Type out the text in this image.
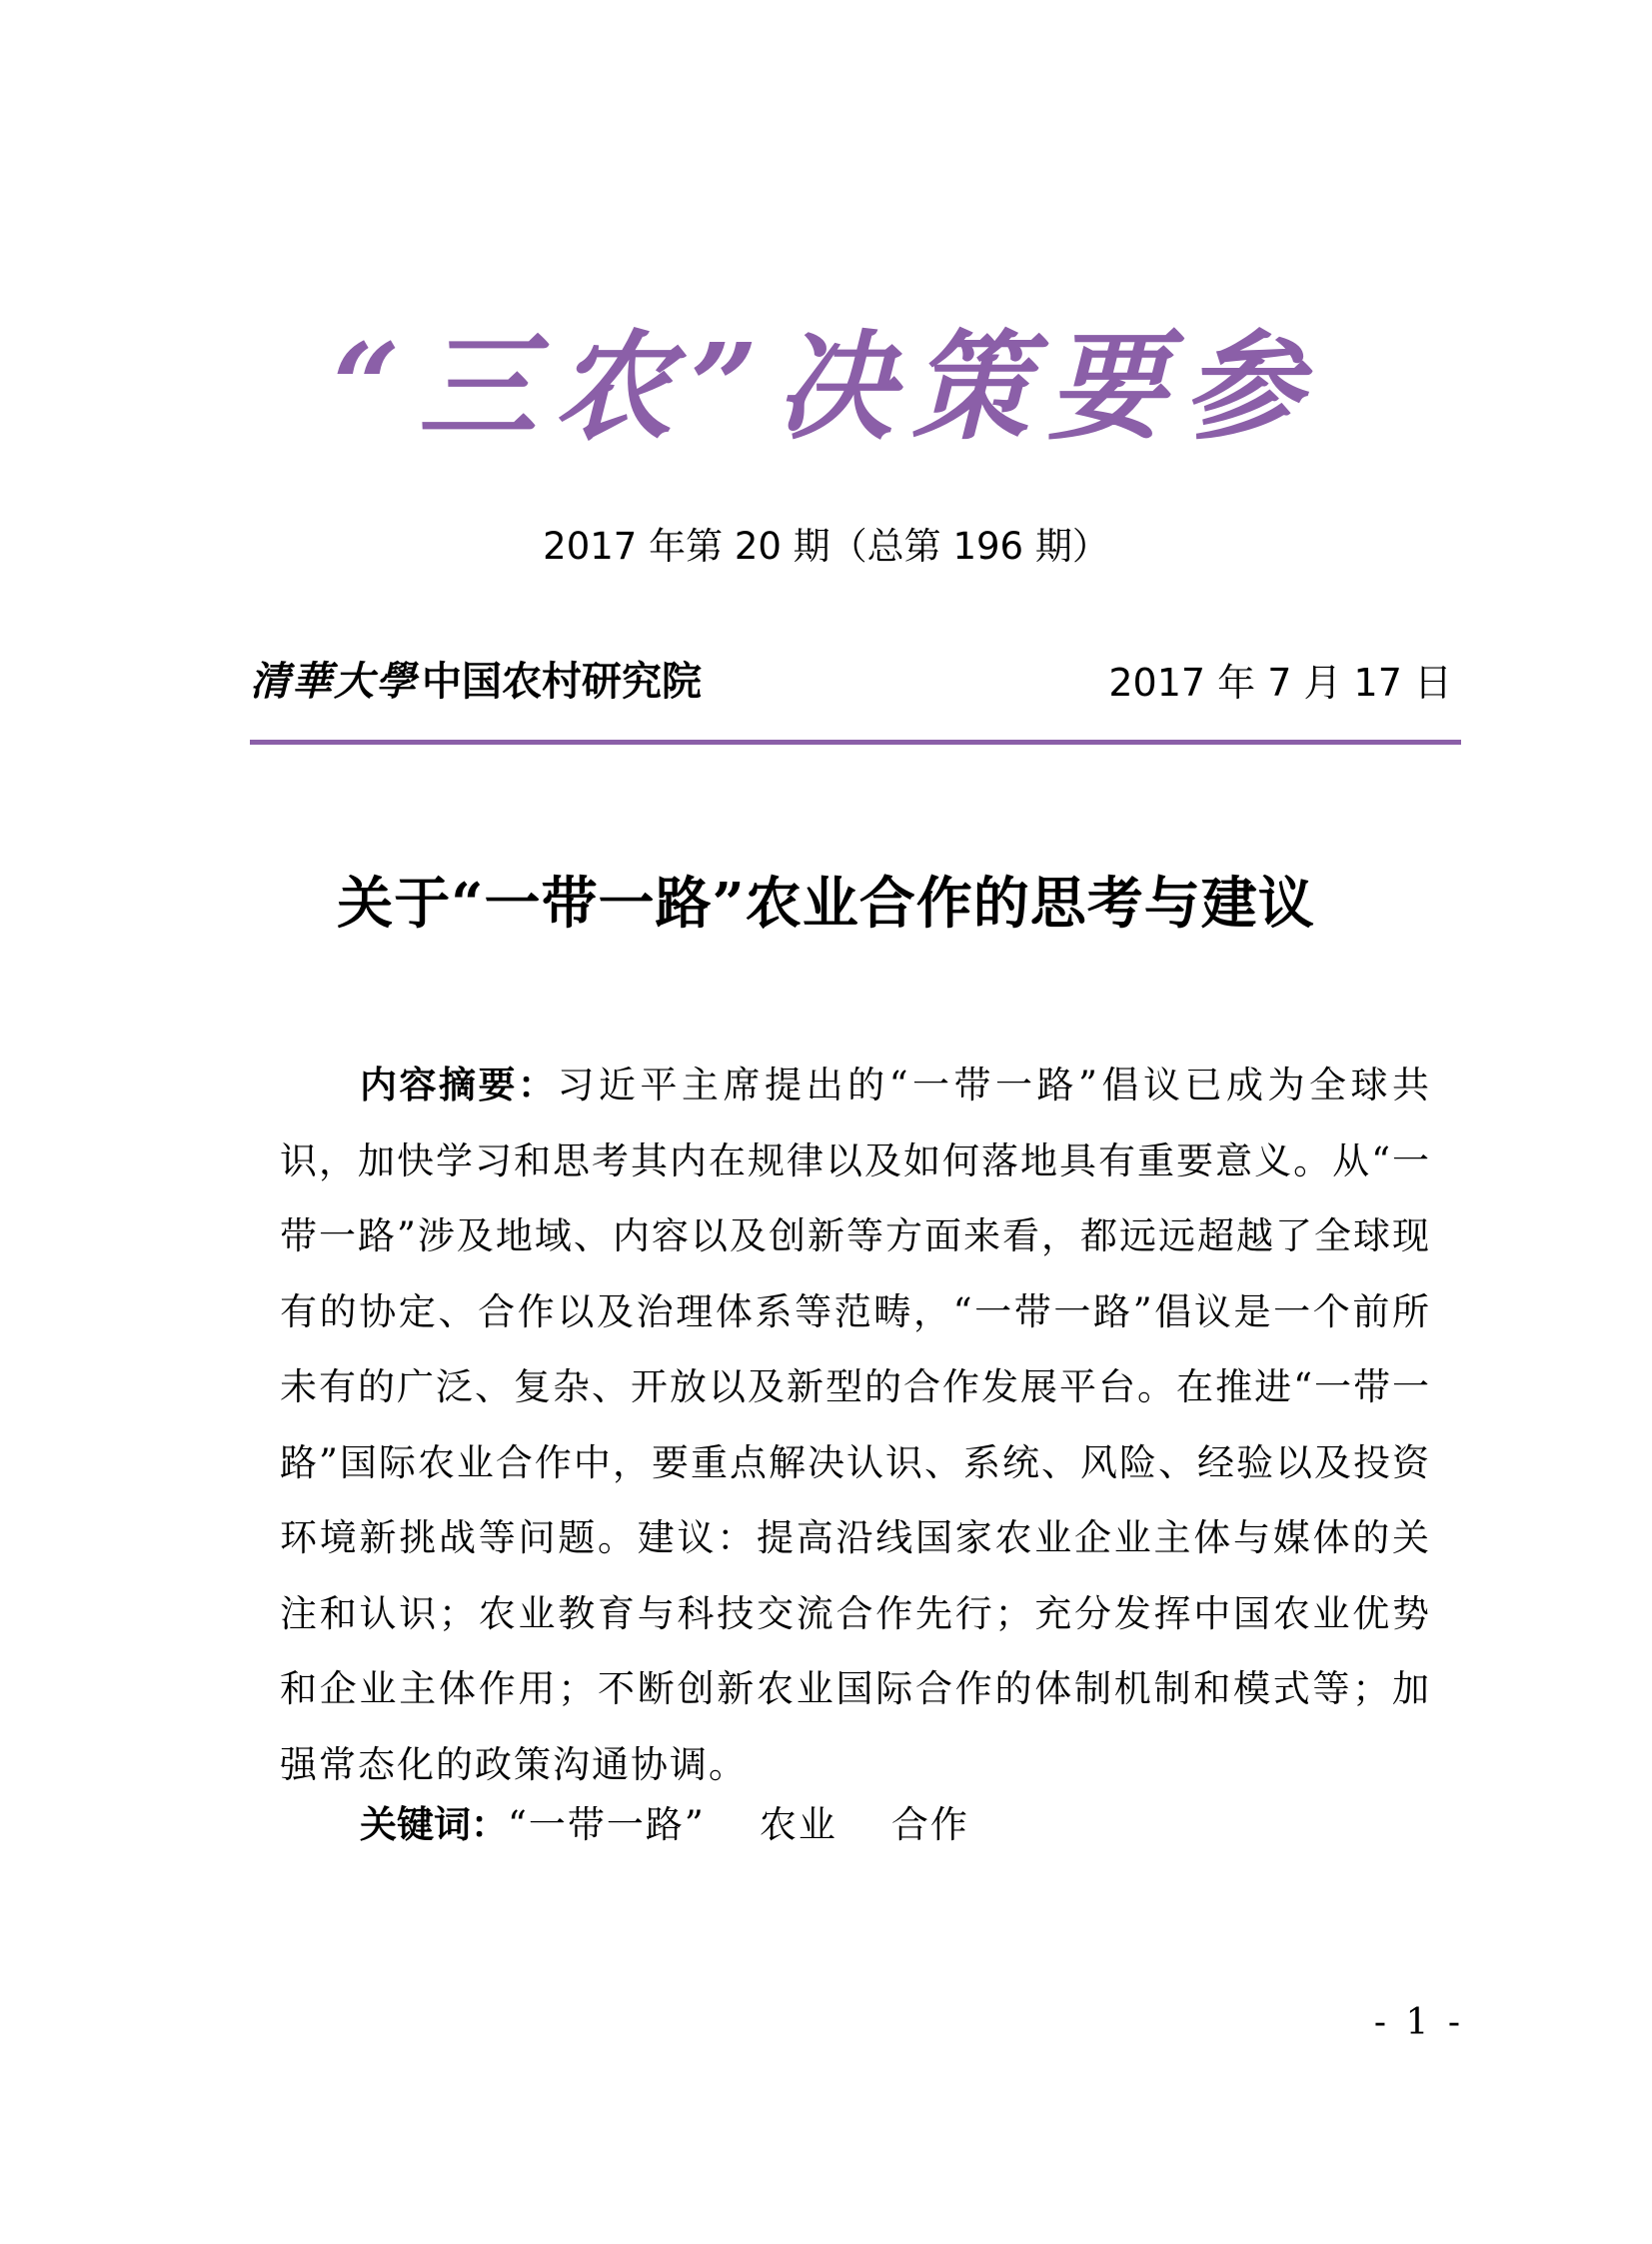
“三农”决策要参
2017 年第 20 期（总第 196 期）
清華大學 中国农村研究院	2017 年 7 月 17 日
关于“一带一路”农业合作的思考与建议

内容摘要：习近平主席提出的“一带一路”倡议已成为全球共识，加快学习和思考其内在规律以及如何落地具有重要意义。从“一带一路”涉及地域、内容以及创新等方面来看，都远远超越了全球现有的协定、合作以及治理体系等范畴，“一带一路”倡议是一个前所未有的广泛、复杂、开放以及新型的合作发展平台。在推进“一带一路”国际农业合作中，要重点解决认识、系统、风险、经验以及投资环境新挑战等问题。建议：提高沿线国家农业企业主体与媒体的关注和认识；农业教育与科技交流合作先行；充分发挥中国农业优势和企业主体作用；不断创新农业国际合作的体制机制和模式等；加强常态化的政策沟通协调。

关键词：“一带一路” 农业 合作
- 1 -
